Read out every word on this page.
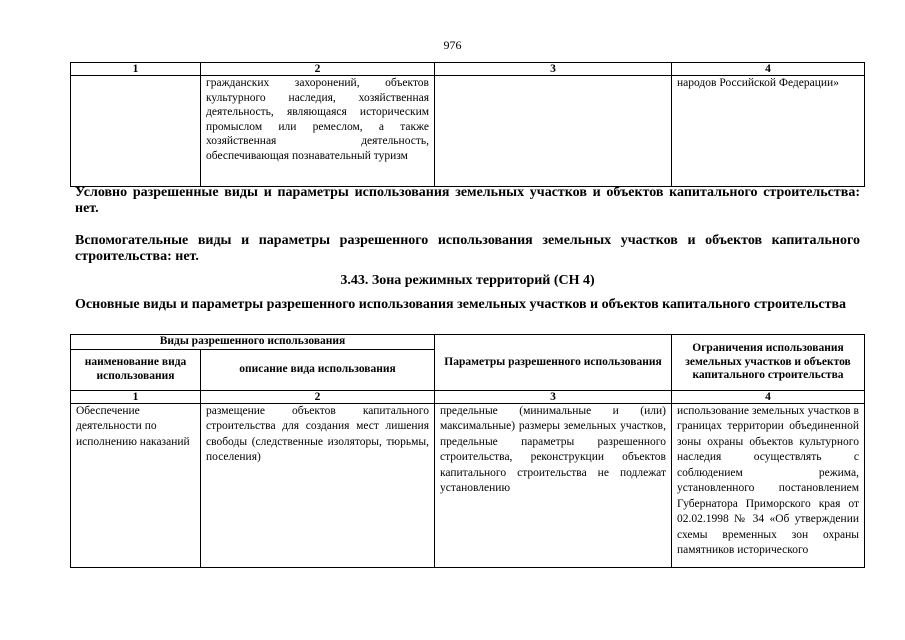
976
1	2	3	4
	гражданских захоронений, объектов культурного наследия, хозяйственная деятельность, являющаяся историческим промыслом или ремеслом, а также хозяйственная деятельность, обеспечивающая познавательный туризм		народов Российской Федерации»

Условно разрешенные виды и параметры использования земельных участков и объектов капитального строительства: нет.

Вспомогательные виды и параметры разрешенного использования земельных участков и объектов капитального строительства: нет.

3.43. Зона режимных территорий (СН 4)

Основные виды и параметры разрешенного использования земельных участков и объектов капитального строительства

Виды разрешенного использования		Параметры разрешенного использования	Ограничения использования земельных участков и объектов капитального строительства
наименование вида использования	описание вида использования		
1	2	3	4
Обеспечение деятельности по исполнению наказаний	размещение объектов капитального строительства для создания мест лишения свободы (следственные изоляторы, тюрьмы, поселения)	предельные (минимальные и (или) максимальные) размеры земельных участков, предельные параметры разрешенного строительства, реконструкции объектов капитального строительства не подлежат установлению	использование земельных участков в границах территории объединенной зоны охраны объектов культурного наследия осуществлять с соблюдением режима, установленного постановлением Губернатора Приморского края от 02.02.1998 № 34 «Об утверждении схемы временных зон охраны памятников исторического
